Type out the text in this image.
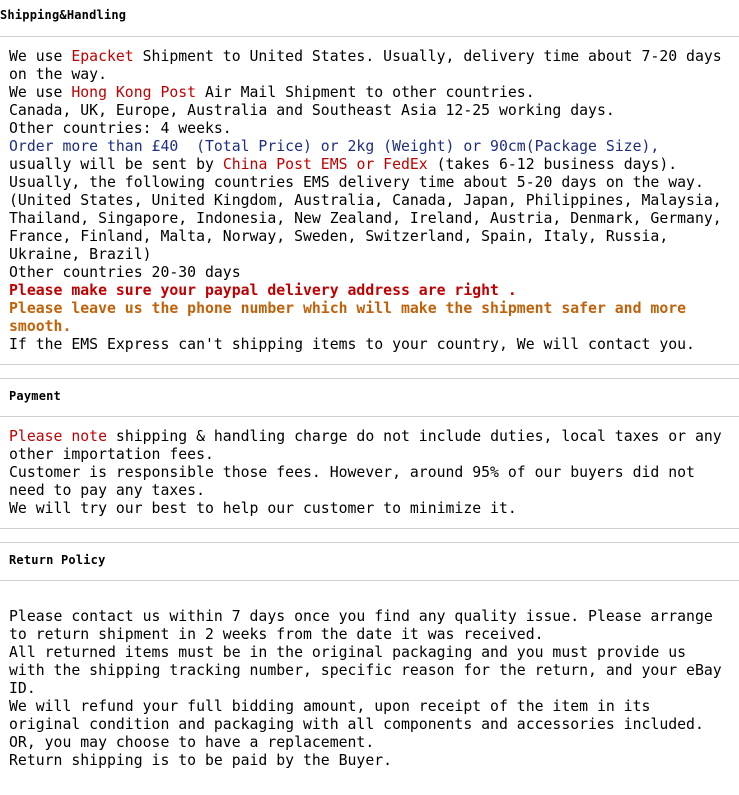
Shipping&Handling
We use Epacket Shipment to United States. Usually, delivery time about 7-20 days
on the way.
We use Hong Kong Post Air Mail Shipment to other countries.
Canada, UK, Europe, Australia and Southeast Asia 12-25 working days.
Other countries: 4 weeks.
Order more than £40  (Total Price) or 2kg (Weight) or 90cm(Package Size),
usually will be sent by China Post EMS or FedEx (takes 6-12 business days).
Usually, the following countries EMS delivery time about 5-20 days on the way.
(United States, United Kingdom, Australia, Canada, Japan, Philippines, Malaysia,
Thailand, Singapore, Indonesia, New Zealand, Ireland, Austria, Denmark, Germany,
France, Finland, Malta, Norway, Sweden, Switzerland, Spain, Italy, Russia,
Ukraine, Brazil)
Other countries 20-30 days
Please make sure your paypal delivery address are right .
Please leave us the phone number which will make the shipment safer and more
smooth.
If the EMS Express can't shipping items to your country, We will contact you.
Payment
Please note shipping & handling charge do not include duties, local taxes or any
other importation fees.
Customer is responsible those fees. However, around 95% of our buyers did not
need to pay any taxes.
We will try our best to help our customer to minimize it.
Return Policy
Please contact us within 7 days once you find any quality issue. Please arrange
to return shipment in 2 weeks from the date it was received.
All returned items must be in the original packaging and you must provide us
with the shipping tracking number, specific reason for the return, and your eBay
ID.
We will refund your full bidding amount, upon receipt of the item in its
original condition and packaging with all components and accessories included.
OR, you may choose to have a replacement.
Return shipping is to be paid by the Buyer.
